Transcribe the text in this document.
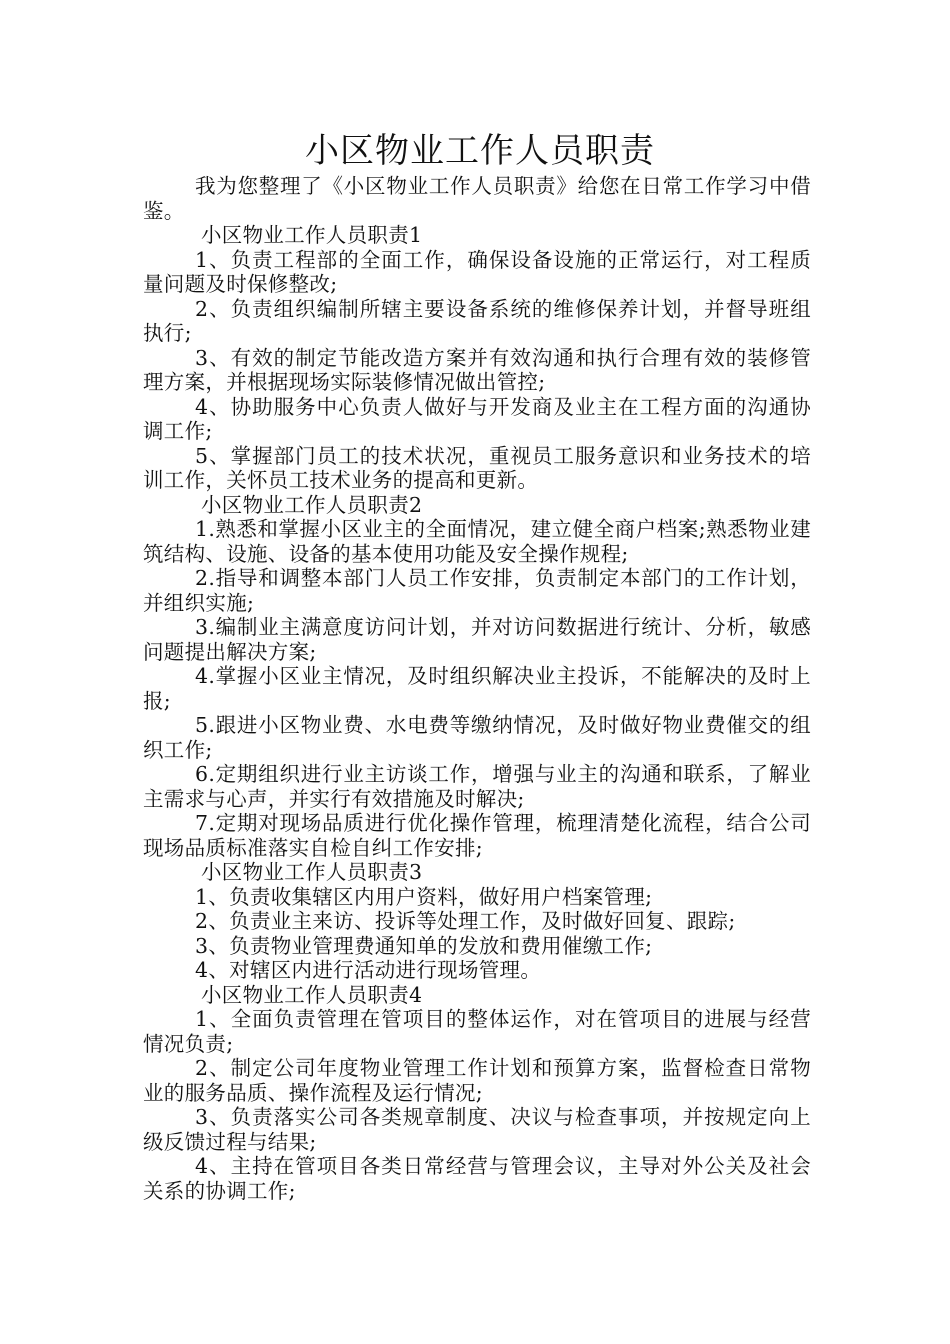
小区物业工作人员职责

我为您整理了《小区物业工作人员职责》给您在日常工作学习中借鉴。

小区物业工作人员职责1

1、负责工程部的全面工作，确保设备设施的正常运行，对工程质量问题及时保修整改;

2、负责组织编制所辖主要设备系统的维修保养计划，并督导班组执行;

3、有效的制定节能改造方案并有效沟通和执行合理有效的装修管理方案，并根据现场实际装修情况做出管控;

4、协助服务中心负责人做好与开发商及业主在工程方面的沟通协调工作;

5、掌握部门员工的技术状况，重视员工服务意识和业务技术的培训工作，关怀员工技术业务的提高和更新。

小区物业工作人员职责2

1.熟悉和掌握小区业主的全面情况，建立健全商户档案;熟悉物业建筑结构、设施、设备的基本使用功能及安全操作规程;

2.指导和调整本部门人员工作安排，负责制定本部门的工作计划，并组织实施;

3.编制业主满意度访问计划，并对访问数据进行统计、分析，敏感问题提出解决方案;

4.掌握小区业主情况，及时组织解决业主投诉，不能解决的及时上报;

5.跟进小区物业费、水电费等缴纳情况，及时做好物业费催交的组织工作;

6.定期组织进行业主访谈工作，增强与业主的沟通和联系，了解业主需求与心声，并实行有效措施及时解决;

7.定期对现场品质进行优化操作管理，梳理清楚化流程，结合公司现场品质标准落实自检自纠工作安排;

小区物业工作人员职责3

1、负责收集辖区内用户资料，做好用户档案管理;

2、负责业主来访、投诉等处理工作，及时做好回复、跟踪;

3、负责物业管理费通知单的发放和费用催缴工作;

4、对辖区内进行活动进行现场管理。

小区物业工作人员职责4

1、全面负责管理在管项目的整体运作，对在管项目的进展与经营情况负责;

2、制定公司年度物业管理工作计划和预算方案，监督检查日常物业的服务品质、操作流程及运行情况;

3、负责落实公司各类规章制度、决议与检查事项，并按规定向上级反馈过程与结果;

4、主持在管项目各类日常经营与管理会议，主导对外公关及社会关系的协调工作;
